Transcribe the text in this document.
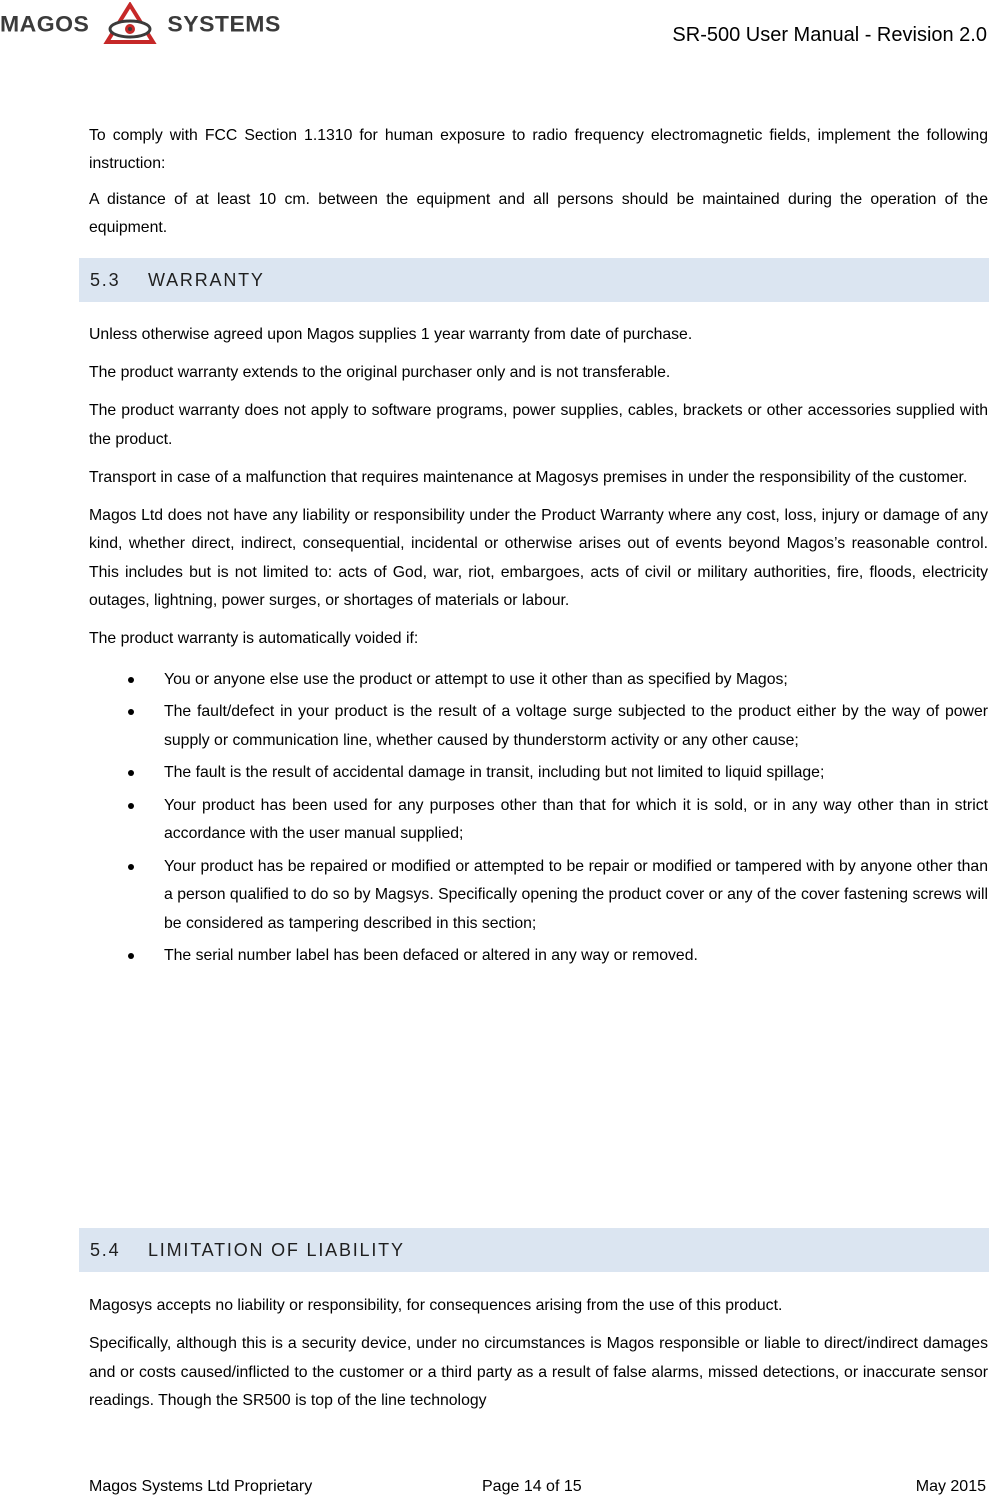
MAGOS	SYSTEMS	SR-500 User Manual - Revision 2.0

To comply with FCC Section 1.1310 for human exposure to radio frequency electromagnetic fields, implement the following instruction:

A distance of at least 10 cm. between the equipment and all persons should be maintained during the operation of the equipment.

5.3 WARRANTY

Unless otherwise agreed upon Magos supplies 1 year warranty from date of purchase.

The product warranty extends to the original purchaser only and is not transferable.

The product warranty does not apply to software programs, power supplies, cables, brackets or other accessories supplied with the product.

Transport in case of a malfunction that requires maintenance at Magosys premises in under the responsibility of the customer.

Magos Ltd does not have any liability or responsibility under the Product Warranty where any cost, loss, injury or damage of any kind, whether direct, indirect, consequential, incidental or otherwise arises out of events beyond Magos’s reasonable control. This includes but is not limited to: acts of God, war, riot, embargoes, acts of civil or military authorities, fire, floods, electricity outages, lightning, power surges, or shortages of materials or labour.

The product warranty is automatically voided if:

You or anyone else use the product or attempt to use it other than as specified by Magos;
The fault/defect in your product is the result of a voltage surge subjected to the product either by the way of power supply or communication line, whether caused by thunderstorm activity or any other cause;
The fault is the result of accidental damage in transit, including but not limited to liquid spillage;
Your product has been used for any purposes other than that for which it is sold, or in any way other than in strict accordance with the user manual supplied;
Your product has be repaired or modified or attempted to be repair or modified or tampered with by anyone other than a person qualified to do so by Magsys. Specifically opening the product cover or any of the cover fastening screws will be considered as tampering described in this section;
The serial number label has been defaced or altered in any way or removed.
5.4 LIMITATION OF LIABILITY

Magosys accepts no liability or responsibility, for consequences arising from the use of this product.

Specifically, although this is a security device, under no circumstances is Magos responsible or liable to direct/indirect damages and or costs caused/inflicted to the customer or a third party as a result of false alarms, missed detections, or inaccurate sensor readings. Though the SR500 is top of the line technology

Magos Systems Ltd Proprietary	Page 14 of 15	May 2015
